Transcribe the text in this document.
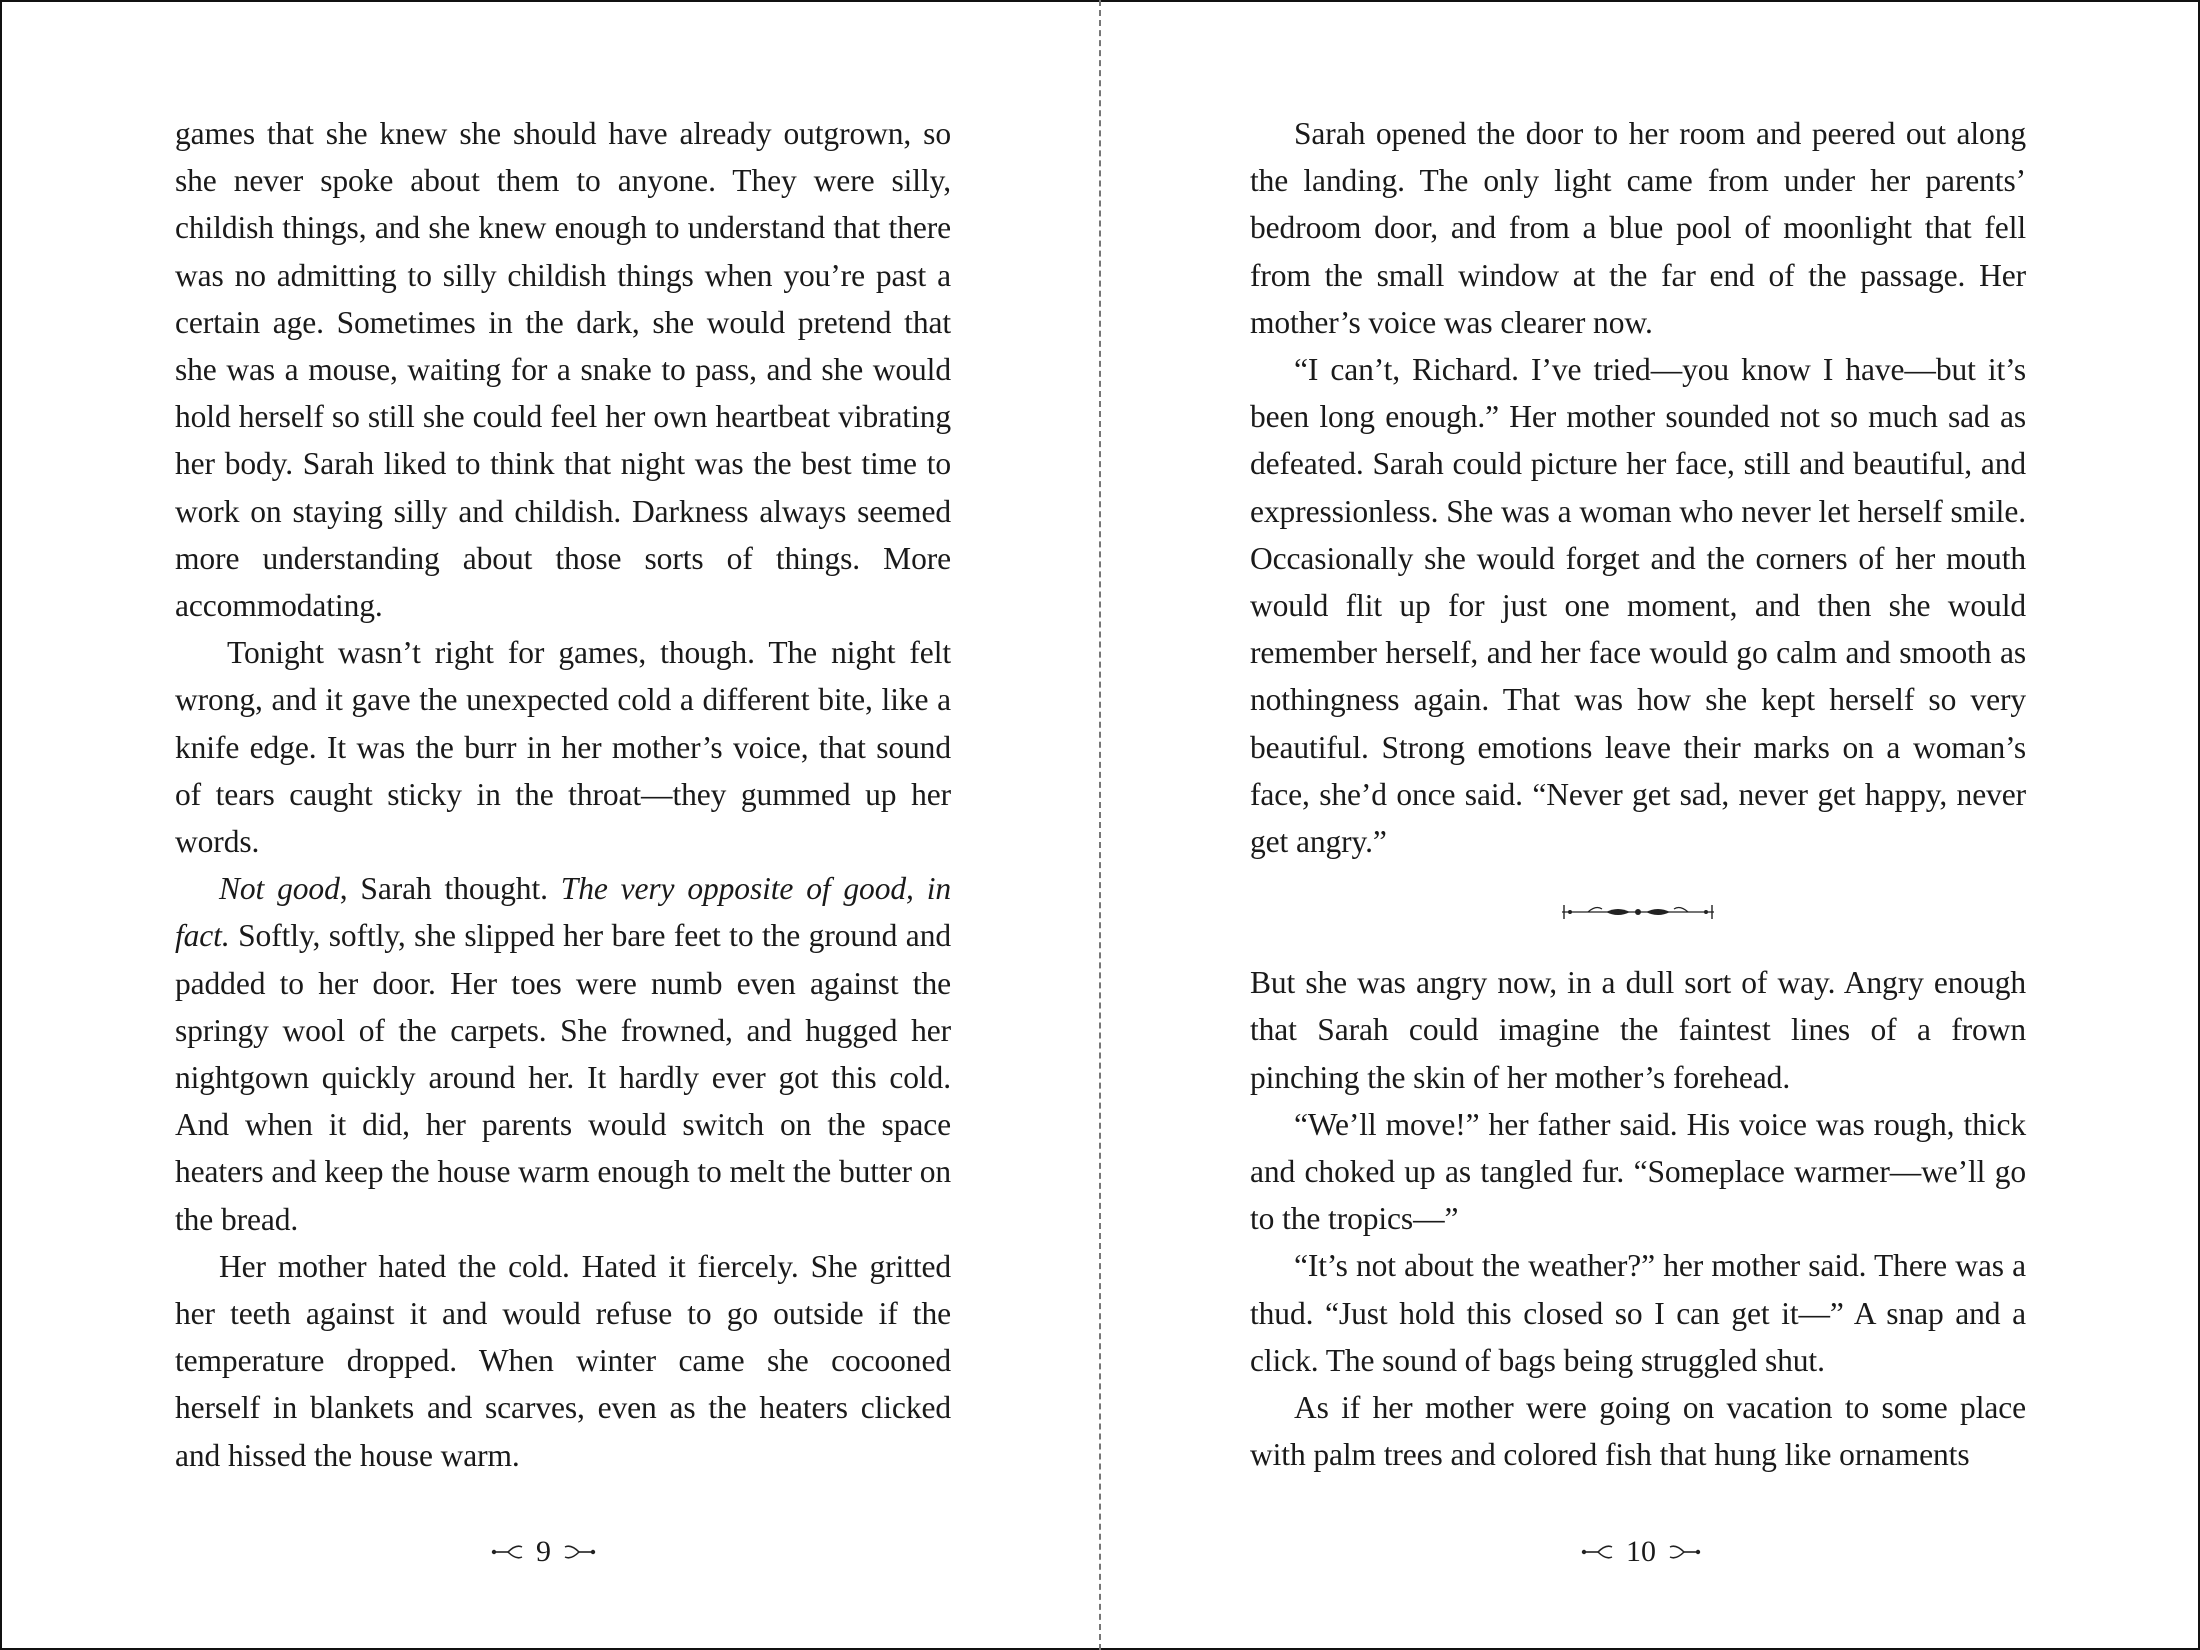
games that she knew she should have already outgrown, so she never spoke about them to anyone. They were silly, childish things, and she knew enough to understand that there was no admitting to silly childish things when you’re past a certain age. Sometimes in the dark, she would pretend that she was a mouse, waiting for a snake to pass, and she would hold herself so still she could feel her own heartbeat vibrating her body. Sarah liked to think that night was the best time to work on staying silly and childish. Darkness always seemed more understanding about those sorts of things. More accommodating.

Tonight wasn’t right for games, though. The night felt wrong, and it gave the unexpected cold a different bite, like a knife edge. It was the burr in her mother’s voice, that sound of tears caught sticky in the throat—they gummed up her words.

Not good, Sarah thought. The very opposite of good, in fact. Softly, softly, she slipped her bare feet to the ground and padded to her door. Her toes were numb even against the springy wool of the carpets. She frowned, and hugged her nightgown quickly around her. It hardly ever got this cold. And when it did, her parents would switch on the space heaters and keep the house warm enough to melt the butter on the bread.

Her mother hated the cold. Hated it fiercely. She gritted her teeth against it and would refuse to go outside if the temperature dropped. When winter came she cocooned herself in blankets and scarves, even as the heaters clicked and hissed the house warm.

9

Sarah opened the door to her room and peered out along the landing. The only light came from under her parents’ bedroom door, and from a blue pool of moonlight that fell from the small window at the far end of the passage. Her mother’s voice was clearer now.

“I can’t, Richard. I’ve tried—you know I have—but it’s been long enough.” Her mother sounded not so much sad as defeated. Sarah could picture her face, still and beautiful, and expressionless. She was a woman who never let herself smile. Occasionally she would forget and the corners of her mouth would flit up for just one moment, and then she would remember herself, and her face would go calm and smooth as nothingness again. That was how she kept herself so very beautiful. Strong emotions leave their marks on a woman’s face, she’d once said. “Never get sad, never get happy, never get angry.”

But she was angry now, in a dull sort of way. Angry enough that Sarah could imagine the faintest lines of a frown pinching the skin of her mother’s forehead.

“We’ll move!” her father said. His voice was rough, thick and choked up as tangled fur. “Someplace warmer—we’ll go to the tropics—”

“It’s not about the weather?” her mother said. There was a thud. “Just hold this closed so I can get it—” A snap and a click. The sound of bags being struggled shut.

As if her mother were going on vacation to some place with palm trees and colored fish that hung like ornaments

10
